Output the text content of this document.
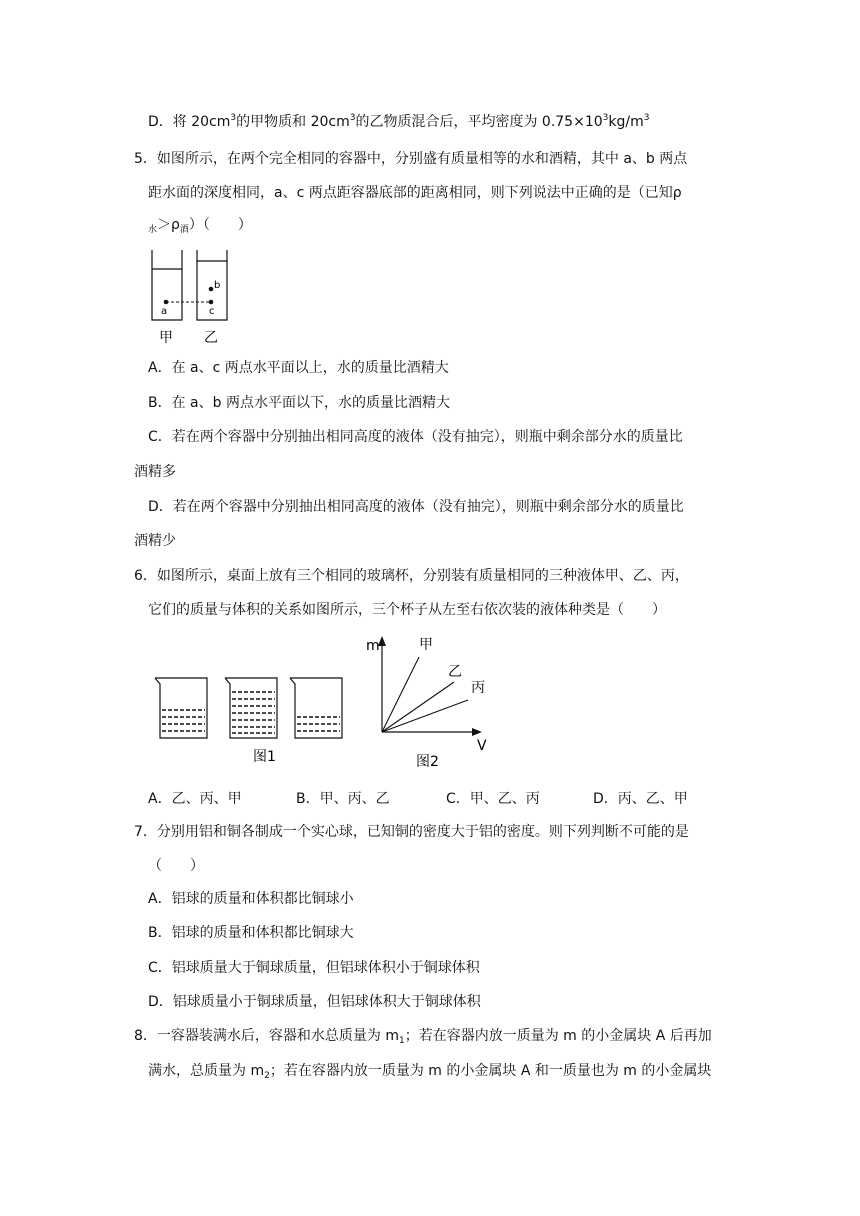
D．将 $20cm^3$的甲物质和 $20cm^3$的乙物质混合后，平均密度为 $0.75\times 10^3kg/m^3$
5．如图所示，在两个完全相同的容器中，分别盛有质量相等的水和酒精，其中 a、b 两点
距水面的深度相同，a、c 两点距容器底部的距离相同，则下列说法中正确的是（已知ρ
$_水>\rho_酒$）（　　）
a
b
c
甲 乙
A．在 a、c 两点水平面以上，水的质量比酒精大
B．在 a、b 两点水平面以下，水的质量比酒精大
C．若在两个容器中分别抽出相同高度的液体（没有抽完），则瓶中剩余部分水的质量比
酒精多
D．若在两个容器中分别抽出相同高度的液体（没有抽完），则瓶中剩余部分水的质量比
酒精少
6．如图所示，桌面上放有三个相同的玻璃杯，分别装有质量相同的三种液体甲、乙、丙，
它们的质量与体积的关系如图所示，三个杯子从左至右依次装的液体种类是（　　）
图1
m
V
甲
乙
丙
图2
A．乙、丙、甲	B．甲、丙、乙	C．甲、乙、丙	D．丙、乙、甲
7．分别用铝和铜各制成一个实心球，已知铜的密度大于铝的密度。则下列判断不可能的是
（　　）
A．铝球的质量和体积都比铜球小
B．铝球的质量和体积都比铜球大
C．铝球质量大于铜球质量，但铝球体积小于铜球体积
D．铝球质量小于铜球质量，但铝球体积大于铜球体积
8．一容器装满水后，容器和水总质量为 $m_1$；若在容器内放一质量为 m 的小金属块 A 后再加
满水，总质量为 $m_2$；若在容器内放一质量为 m 的小金属块 A 和一质量也为 m 的小金属块
